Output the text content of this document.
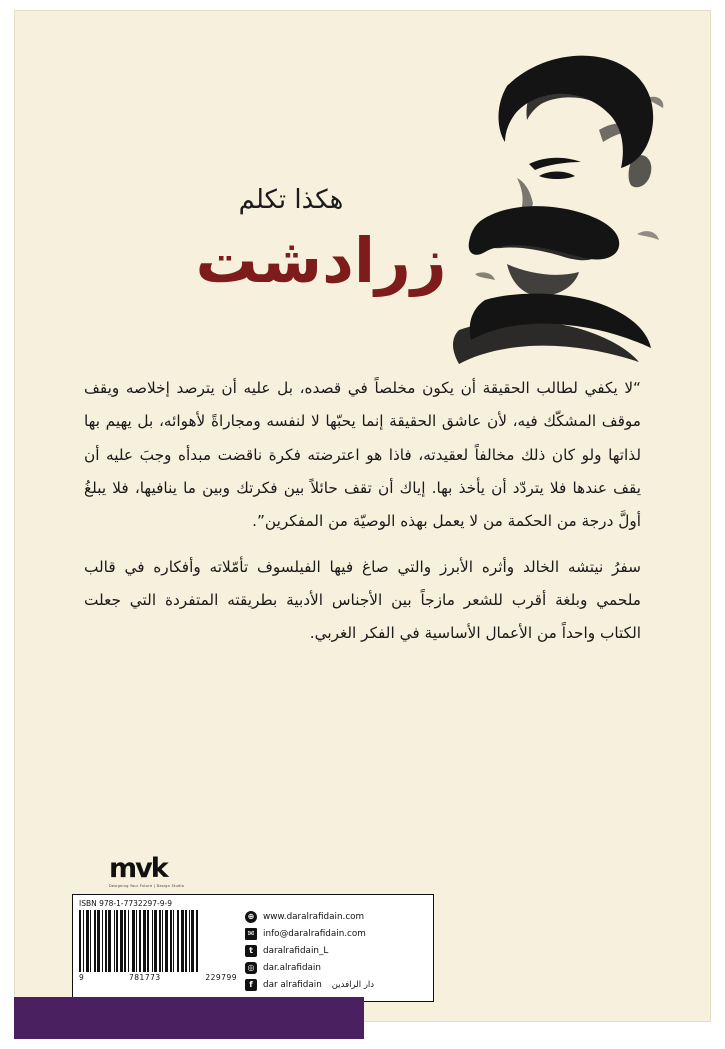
هكذا تكلم
زرادشت

“لا يكفي لطالب الحقيقة أن يكون مخلصاً في قصده، بل عليه أن يترصد إخلاصه ويقف موقف المشكّك فيه، لأن عاشق الحقيقة إنما يحبّها لا لنفسه ومجاراةً لأهوائه، بل يهيم بها لذاتها ولو كان ذلك مخالفاً لعقيدته، فاذا هو اعترضته فكرة ناقضت مبدأه وجبَ عليه أن يقف عندها فلا يتردّد أن يأخذ بها. إياك أن تقف حائلاً بين فكرتك وبين ما ينافيها، فلا يبلغُ أولَّ درجة من الحكمة من لا يعمل بهذه الوصيّة من المفكرين”.

سفرُ نيتشه الخالد وأثره الأبرز والتي صاغ فيها الفيلسوف تأمّلاته وأفكاره في قالب ملحمي وبلغة أقرب للشعر مازجاً بين الأجناس الأدبية بطريقته المتفردة التي جعلت الكتاب واحداً من الأعمال الأساسية في الفكر الغربي.

mvk
Designing Your Future | Design Studio
ISBN 978-1-7732297-9-9
9	781773	229799
⊕ www.daralrafidain.com
✉ info@daralrafidain.com
t	daralrafidain_L
◎ dar.alrafidain
f	dar alrafidain دار الرافدين
